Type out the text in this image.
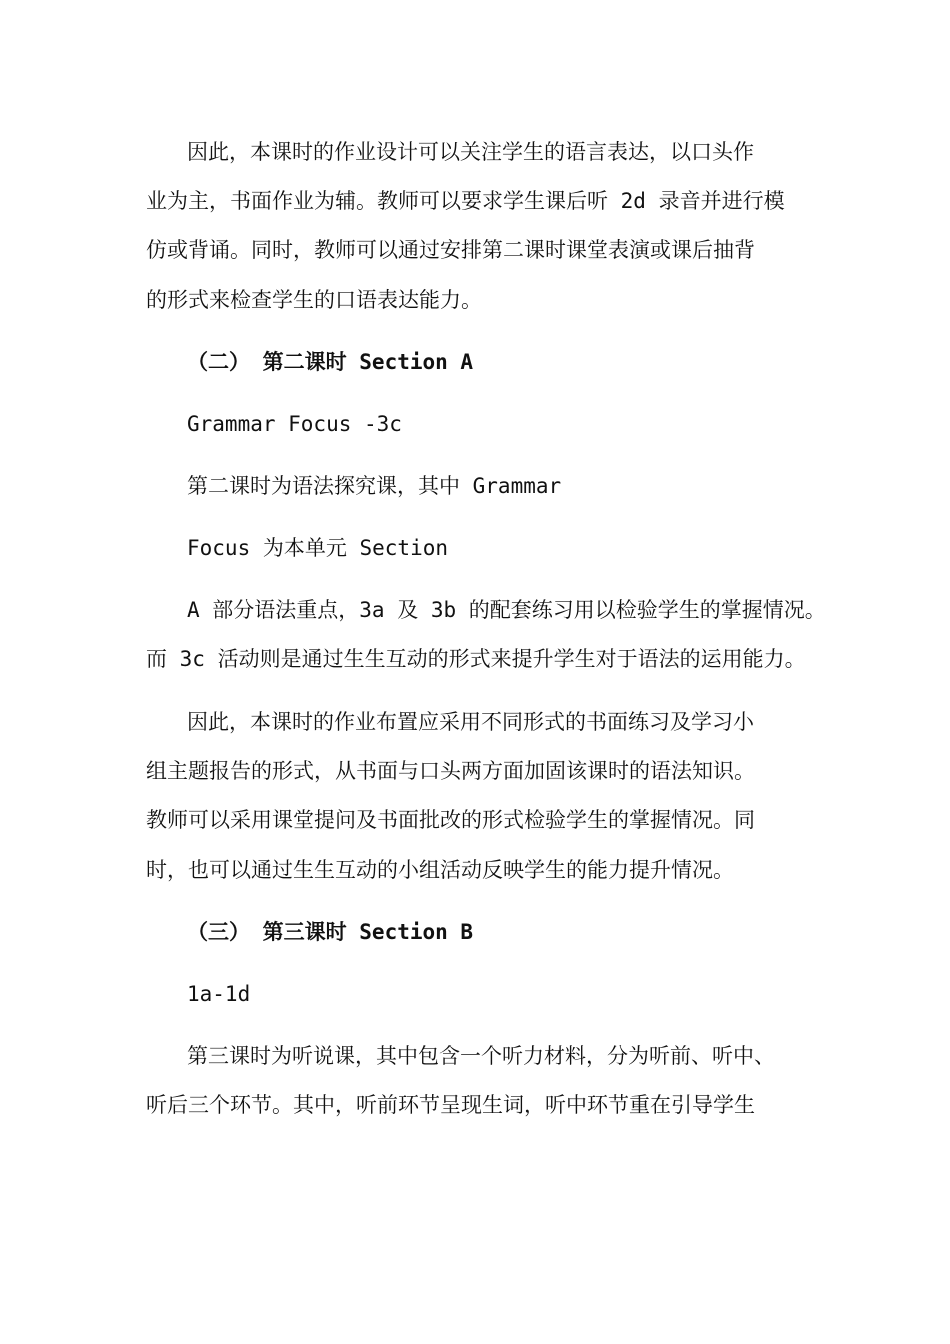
因此，本课时的作业设计可以关注学生的语言表达，以口头作
业为主，书面作业为辅。教师可以要求学生课后听 2d 录音并进行模
仿或背诵。同时，教师可以通过安排第二课时课堂表演或课后抽背
的形式来检查学生的口语表达能力。
（二） 第二课时 Section A
Grammar Focus -3c
第二课时为语法探究课，其中 Grammar
Focus 为本单元 Section
A 部分语法重点，3a 及 3b 的配套练习用以检验学生的掌握情况。
而 3c 活动则是通过生生互动的形式来提升学生对于语法的运用能力。
因此，本课时的作业布置应采用不同形式的书面练习及学习小
组主题报告的形式，从书面与口头两方面加固该课时的语法知识。
教师可以采用课堂提问及书面批改的形式检验学生的掌握情况。同
时，也可以通过生生互动的小组活动反映学生的能力提升情况。
（三） 第三课时 Section B
1a-1d
第三课时为听说课，其中包含一个听力材料，分为听前、听中、
听后三个环节。其中，听前环节呈现生词，听中环节重在引导学生
